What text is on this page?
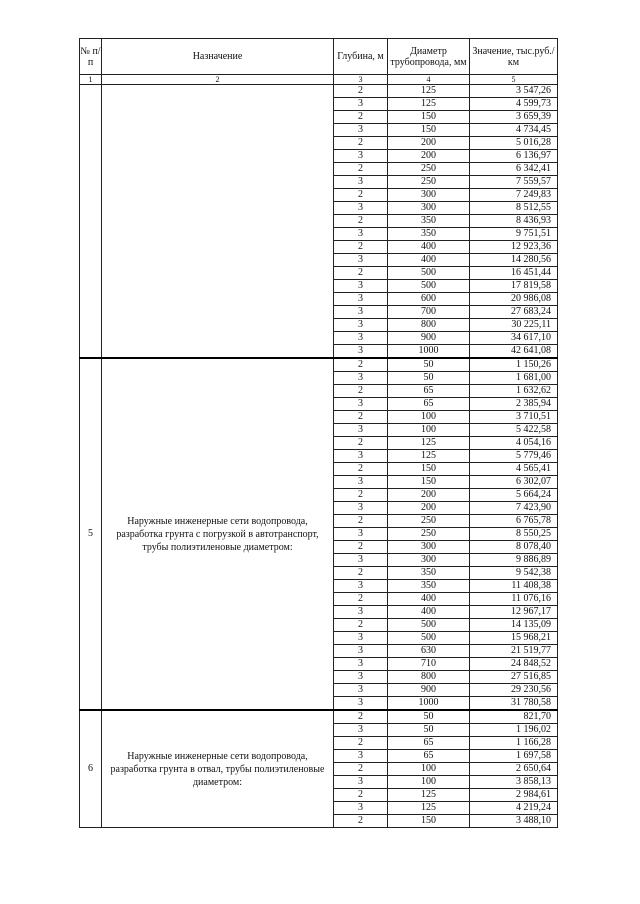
№ п/п	Назначение	Глубина, м	Диаметр трубопровода, мм	Значение, тыс.руб./км
1	2	3	4	5
		2	125	3 547,26
		3	125	4 599,73
		2	150	3 659,39
		3	150	4 734,45
		2	200	5 016,28
		3	200	6 136,97
		2	250	6 342,41
		3	250	7 559,57
		2	300	7 249,83
		3	300	8 512,55
		2	350	8 436,93
		3	350	9 751,51
		2	400	12 923,36
		3	400	14 280,56
		2	500	16 451,44
		3	500	17 819,58
		3	600	20 986,08
		3	700	27 683,24
		3	800	30 225,11
		3	900	34 617,10
		3	1000	42 641,08
5	Наружные инженерные сети водопровода, разработка грунта с погрузкой в автотранспорт, трубы полиэтиленовые диаметром:	2	50	1 150,26
		3	50	1 681,00
		2	65	1 632,62
		3	65	2 385,94
		2	100	3 710,51
		3	100	5 422,58
		2	125	4 054,16
		3	125	5 779,46
		2	150	4 565,41
		3	150	6 302,07
		2	200	5 664,24
		3	200	7 423,90
		2	250	6 765,78
		3	250	8 550,25
		2	300	8 078,40
		3	300	9 886,89
		2	350	9 542,38
		3	350	11 408,38
		2	400	11 076,16
		3	400	12 967,17
		2	500	14 135,09
		3	500	15 968,21
		3	630	21 519,77
		3	710	24 848,52
		3	800	27 516,85
		3	900	29 230,56
		3	1000	31 780,58
6	Наружные инженерные сети водопровода, разработка грунта в отвал, трубы полиэтиленовые диаметром:	2	50	821,70
		3	50	1 196,02
		2	65	1 166,28
		3	65	1 697,58
		2	100	2 650,64
		3	100	3 858,13
		2	125	2 984,61
		3	125	4 219,24
		2	150	3 488,10
